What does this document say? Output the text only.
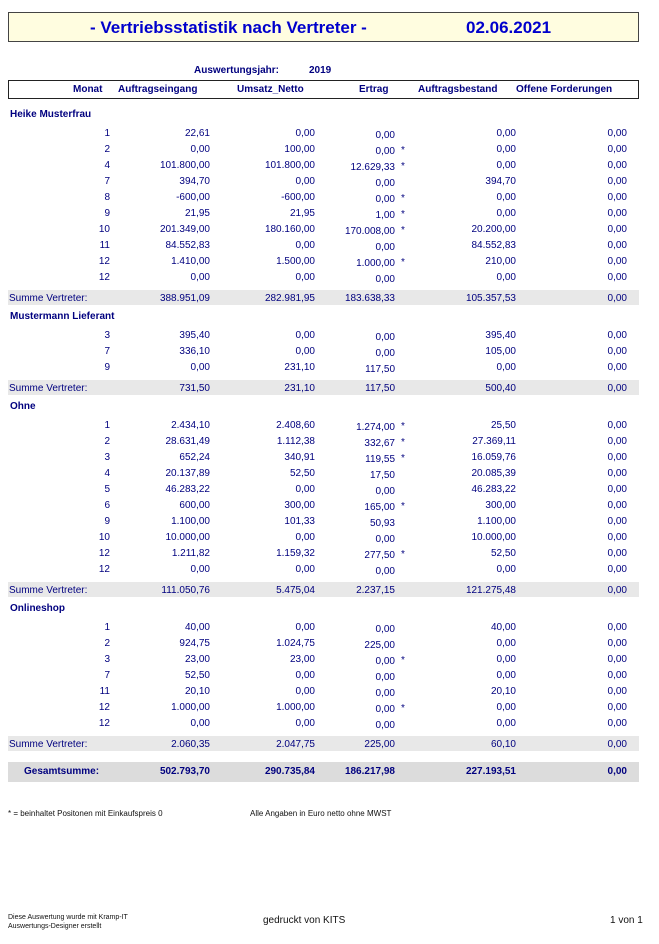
- Vertriebsstatistik nach Vertreter -	02.06.2021
Auswertungsjahr:	2019
Monat Auftragseingang	Umsatz_Netto	Ertrag	Auftragsbestand Offene Forderungen
Heike Musterfrau
1	22,61	0,00	0,00	0,00	0,00
2	0,00	100,00	0,00 *	0,00	0,00
4	101.800,00	101.800,00	12.629,33 *	0,00	0,00
7	394,70	0,00	0,00	394,70	0,00
8	-600,00	-600,00	0,00 *	0,00	0,00
9	21,95	21,95	1,00 *	0,00	0,00
10	201.349,00	180.160,00	170.008,00 *	20.200,00	0,00
11	84.552,83	0,00	0,00	84.552,83	0,00
12	1.410,00	1.500,00	1.000,00 *	210,00	0,00
12	0,00	0,00	0,00	0,00	0,00
Summe Vertreter:	388.951,09	282.981,95	183.638,33	105.357,53	0,00
Mustermann Lieferant
3	395,40	0,00	0,00	395,40	0,00
7	336,10	0,00	0,00	105,00	0,00
9	0,00	231,10	117,50	0,00	0,00
Summe Vertreter:	731,50	231,10	117,50	500,40	0,00
Ohne
1	2.434,10	2.408,60	1.274,00 *	25,50	0,00
2	28.631,49	1.112,38	332,67 *	27.369,11	0,00
3	652,24	340,91	119,55 *	16.059,76	0,00
4	20.137,89	52,50	17,50	20.085,39	0,00
5	46.283,22	0,00	0,00	46.283,22	0,00
6	600,00	300,00	165,00 *	300,00	0,00
9	1.100,00	101,33	50,93	1.100,00	0,00
10	10.000,00	0,00	0,00	10.000,00	0,00
12	1.211,82	1.159,32	277,50 *	52,50	0,00
12	0,00	0,00	0,00	0,00	0,00
Summe Vertreter:	111.050,76	5.475,04	2.237,15	121.275,48	0,00
Onlineshop
1	40,00	0,00	0,00	40,00	0,00
2	924,75	1.024,75	225,00	0,00	0,00
3	23,00	23,00	0,00 *	0,00	0,00
7	52,50	0,00	0,00	0,00	0,00
11	20,10	0,00	0,00	20,10	0,00
12	1.000,00	1.000,00	0,00 *	0,00	0,00
12	0,00	0,00	0,00	0,00	0,00
Summe Vertreter:	2.060,35	2.047,75	225,00	60,10	0,00
Gesamtsumme:	502.793,70	290.735,84	186.217,98	227.193,51	0,00
* = beinhaltet Positonen mit Einkaufspreis 0	Alle Angaben in Euro netto ohne MWST
Diese Auswertung wurde mit Kramp-IT
Auswertungs-Designer erstellt
gedruckt von KITS	1 von 1
